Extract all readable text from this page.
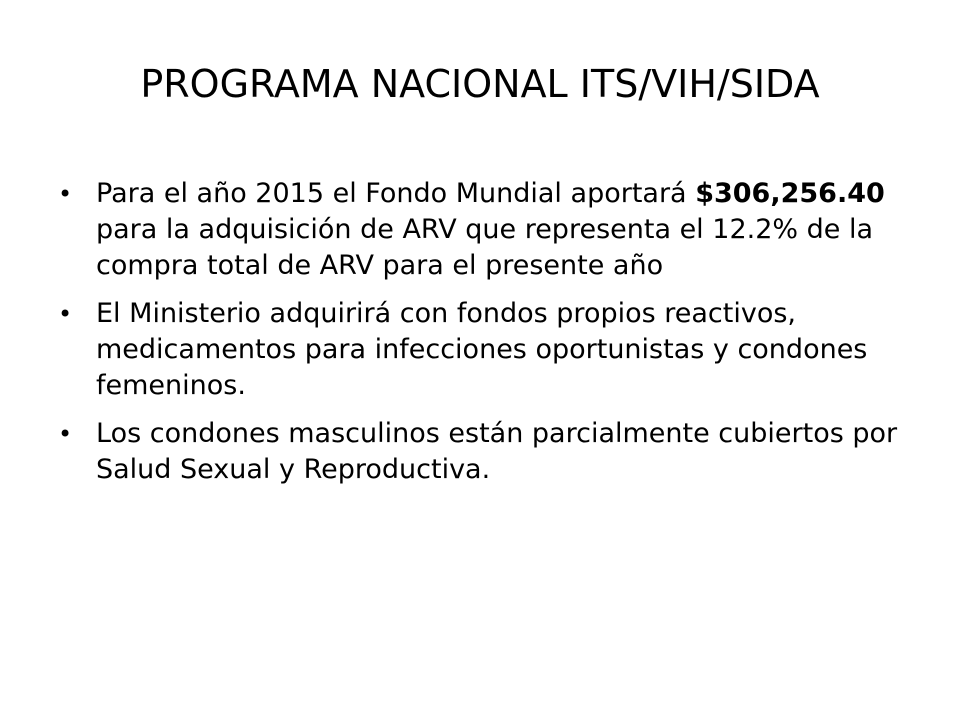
PROGRAMA NACIONAL ITS/VIH/SIDA
• Para el año 2015 el Fondo Mundial aportará $306,256.40 para la adquisición de ARV que representa el 12.2% de la compra total de ARV para el presente año
• El Ministerio adquirirá con fondos propios reactivos, medicamentos para infecciones oportunistas y condones femeninos.
• Los condones masculinos están parcialmente cubiertos por Salud Sexual y Reproductiva.
